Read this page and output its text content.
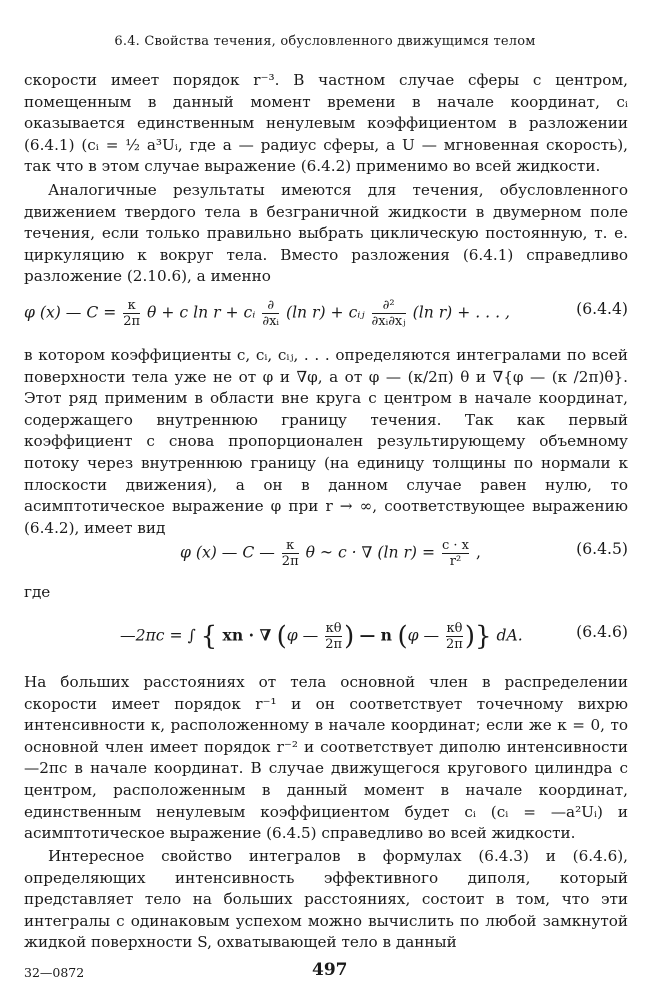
6.4. Свойства течения, обусловленного движущимся телом

скорости имеет порядок r⁻³. В частном случае сферы с центром, помещенным в данный момент времени в начале координат, cᵢ оказывается единственным ненулевым коэффициентом в разложении (6.4.1) (cᵢ = ½ a³Uᵢ, где a — радиус сферы, а U — мгновенная скорость), так что в этом случае выражение (6.4.2) применимо во всей жидкости.

Аналогичные результаты имеются для течения, обусловленного движением твердого тела в безграничной жидкости в двумерном поле течения, если только правильно выбрать циклическую постоянную, т. е. циркуляцию κ вокруг тела. Вместо разложения (6.4.1) справедливо разложение (2.10.6), а именно

φ (x) — $C = \frac{\kappa}{2\pi}$ θ + c ln r + cᵢ $\frac{\partial}{\text{∂xᵢ}} (\ln$ r) + cᵢⱼ $\frac{\text{∂²}}{\text{∂xᵢ∂xⱼ}} (\ln$ r) + . . . ,	(6.4.4)

в котором коэффициенты c, cᵢ, cᵢⱼ, . . . определяются интегралами по всей поверхности тела уже не от φ и ∇φ, а от φ — (κ/2π) θ и ∇{φ — (κ /2π)θ}. Этот ряд применим в области вне круга с центром в начале координат, содержащего внутреннюю границу течения. Так как первый коэффициент c снова пропорционален результирующему объемному потоку через внутреннюю границу (на единицу толщины по нормали к плоскости движения), а он в данном случае равен нулю, то асимптотическое выражение φ при r → ∞, соответствующее выражению (6.4.2), имеет вид

φ (x) — C — $\frac{\kappa}{2\pi}$ θ ~ c · ∇ (ln $r) = \frac{c \cdot x}{\text{r²}}$ ,	(6.4.5)
где
—2πc = ∫ { xn · ∇ (φ — $\frac{\kappa\theta}{2\pi}$ ) — n (φ — $\frac{\kappa\theta}{2\pi}$ )} dA.	(6.4.6)

На больших расстояниях от тела основной член в распределении скорости имеет порядок r⁻¹ и он соответствует точечному вихрю интенсивности κ, расположенному в начале координат; если же κ = 0, то основной член имеет порядок r⁻² и соответствует диполю интенсивности —2πc в начале координат. В случае движущегося кругового цилиндра с центром, расположенным в данный момент в начале координат, единственным ненулевым коэффициентом будет cᵢ (cᵢ = —a²Uᵢ) и асимптотическое выражение (6.4.5) справедливо во всей жидкости.

Интересное свойство интегралов в формулах (6.4.3) и (6.4.6), определяющих интенсивность эффективного диполя, который представляет тело на больших расстояниях, состоит в том, что эти интегралы с одинаковым успехом можно вычислить по любой замкнутой жидкой поверхности S, охватывающей тело в данный

32—0872	497
